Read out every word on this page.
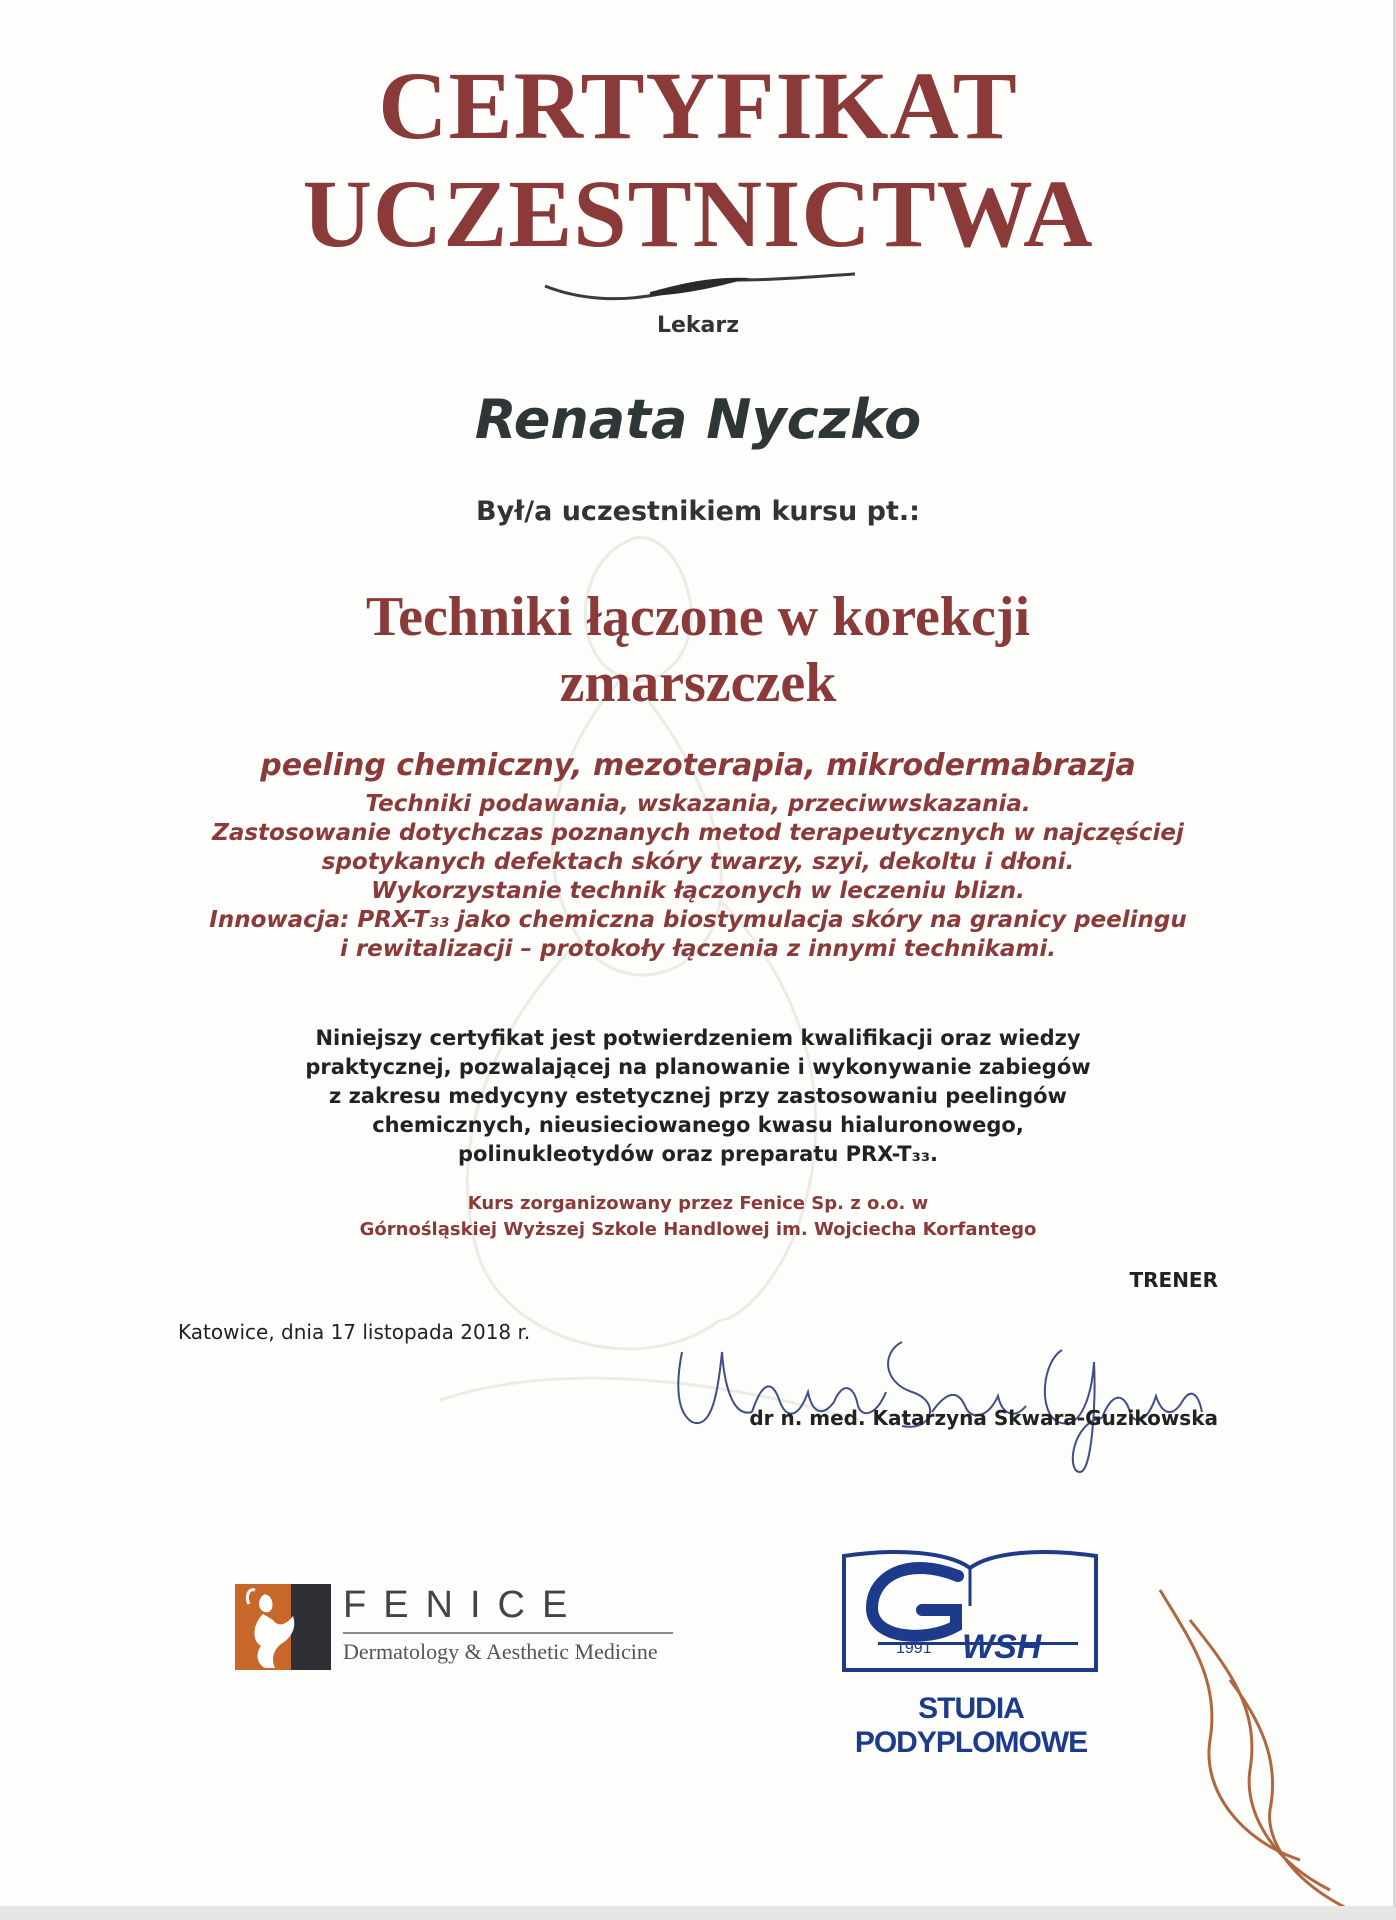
CERTYFIKAT
UCZESTNICTWA
Lekarz
Renata Nyczko
Był/a uczestnikiem kursu pt.:
Techniki łączone w korekcji
zmarszczek
peeling chemiczny, mezoterapia, mikrodermabrazja
Techniki podawania, wskazania, przeciwwskazania.
Zastosowanie dotychczas poznanych metod terapeutycznych w najczęściej
spotykanych defektach skóry twarzy, szyi, dekoltu i dłoni.
Wykorzystanie technik łączonych w leczeniu blizn.
Innowacja: PRX-T₃₃ jako chemiczna biostymulacja skóry na granicy peelingu
i rewitalizacji – protokoły łączenia z innymi technikami.
Niniejszy certyfikat jest potwierdzeniem kwalifikacji oraz wiedzy
praktycznej, pozwalającej na planowanie i wykonywanie zabiegów
z zakresu medycyny estetycznej przy zastosowaniu peelingów
chemicznych, nieusieciowanego kwasu hialuronowego,
polinukleotydów oraz preparatu PRX-T₃₃.
Kurs zorganizowany przez Fenice Sp. z o.o. w
Górnośląskiej Wyższej Szkole Handlowej im. Wojciecha Korfantego
TRENER
Katowice, dnia 17 listopada 2018 r.
dr n. med. Katarzyna Skwara-Guzikowska
FENICE
Dermatology & Aesthetic Medicine	1991 WSH
STUDIA PODYPLOMOWE
